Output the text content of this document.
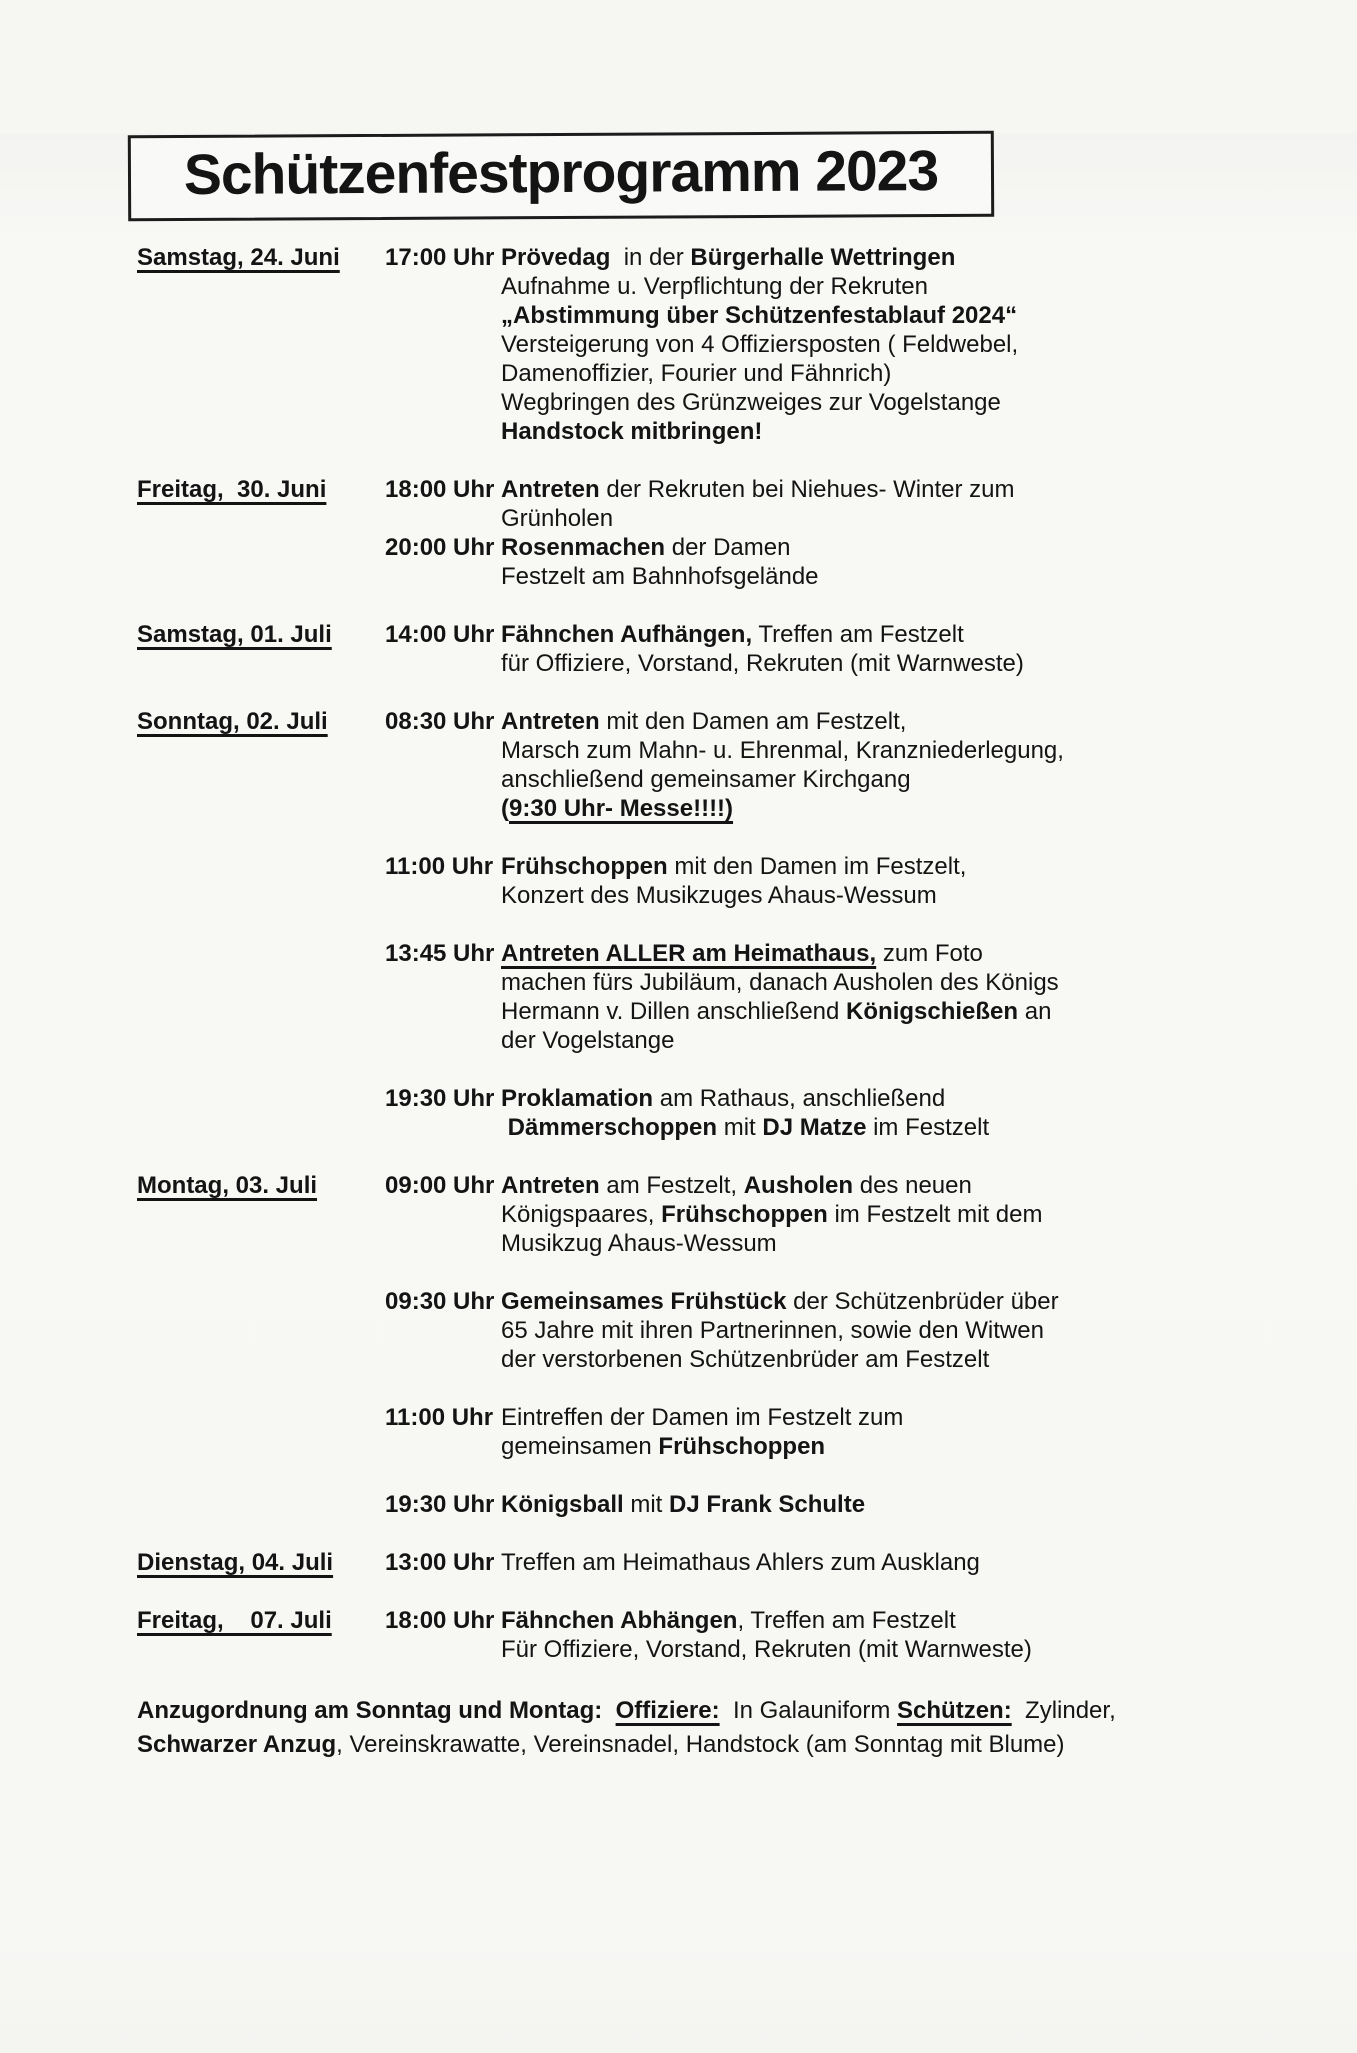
Schützenfestprogramm 2023
Samstag, 24. Juni	17:00 Uhr Prövedag  in der Bürgerhalle Wettringen
Aufnahme u. Verpflichtung der Rekruten
„Abstimmung über Schützenfestablauf 2024“
Versteigerung von 4 Offiziersposten ( Feldwebel,
Damenoffizier, Fourier und Fähnrich)
Wegbringen des Grünzweiges zur Vogelstange
Handstock mitbringen!
Freitag,  30. Juni	18:00 Uhr Antreten der Rekruten bei Niehues- Winter zum
Grünholen
20:00 Uhr Rosenmachen der Damen
Festzelt am Bahnhofsgelände
Samstag, 01. Juli	14:00 Uhr Fähnchen Aufhängen, Treffen am Festzelt
für Offiziere, Vorstand, Rekruten (mit Warnweste)
Sonntag, 02. Juli	08:30 Uhr Antreten mit den Damen am Festzelt,
Marsch zum Mahn- u. Ehrenmal, Kranzniederlegung,
anschließend gemeinsamer Kirchgang
(9:30 Uhr- Messe!!!!)
11:00 Uhr Frühschoppen mit den Damen im Festzelt,
Konzert des Musikzuges Ahaus-Wessum
13:45 Uhr Antreten ALLER am Heimathaus, zum Foto
machen fürs Jubiläum, danach Ausholen des Königs
Hermann v. Dillen anschließend Königschießen an
der Vogelstange
19:30 Uhr Proklamation am Rathaus, anschließend
Dämmerschoppen mit DJ Matze im Festzelt
Montag, 03. Juli	09:00 Uhr Antreten am Festzelt, Ausholen des neuen
Königspaares, Frühschoppen im Festzelt mit dem
Musikzug Ahaus-Wessum
09:30 Uhr Gemeinsames Frühstück der Schützenbrüder über
65 Jahre mit ihren Partnerinnen, sowie den Witwen
der verstorbenen Schützenbrüder am Festzelt
11:00 Uhr Eintreffen der Damen im Festzelt zum
gemeinsamen Frühschoppen
19:30 Uhr Königsball mit DJ Frank Schulte
Dienstag, 04. Juli	13:00 Uhr Treffen am Heimathaus Ahlers zum Ausklang
Freitag,    07. Juli	18:00 Uhr Fähnchen Abhängen, Treffen am Festzelt
Für Offiziere, Vorstand, Rekruten (mit Warnweste)
Anzugordnung am Sonntag und Montag:  Offiziere:  In Galauniform Schützen:  Zylinder,
Schwarzer Anzug, Vereinskrawatte, Vereinsnadel, Handstock (am Sonntag mit Blume)
